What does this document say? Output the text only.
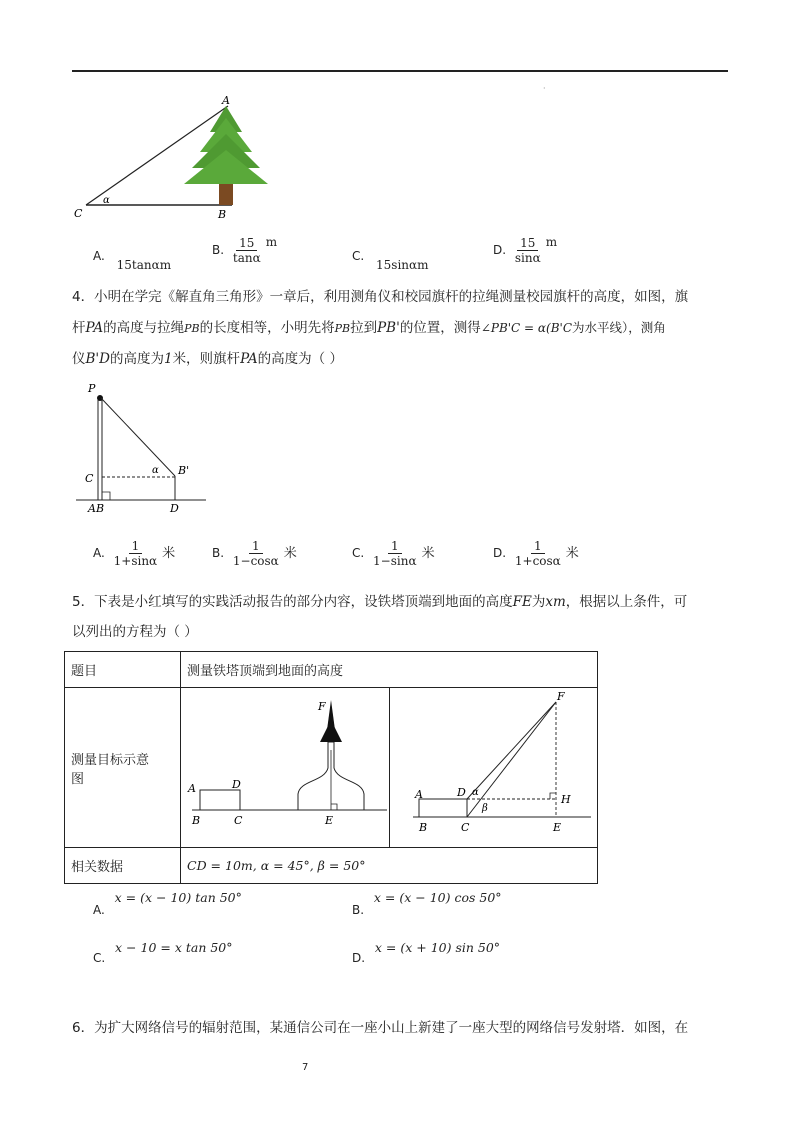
·
A
C	B
α
A. 15tanαm
B. $\frac{15}{\tan\alpha}$ m
C. 15sinαm
D. $\frac{15}{\sin\alpha}$ m
4．小明在学完《解直角三角形》一章后，利用测角仪和校园旗杆的拉绳测量校园旗杆的高度，如图，旗
杆PA的高度与拉绳PB的长度相等，小明先将PB拉到PB'的位置，测得∠PB'C = α(B'C为水平线），测角
仪B'D的高度为1米，则旗杆PA的高度为（ ）
P
C
α B'
AB	D
A. $\frac{1}{1+\sin\alpha}$ 米	B. $\frac{1}{1-\cos\alpha}$ 米	C. $\frac{1}{1-\sin\alpha}$ 米	D. $\frac{1}{1+\cos\alpha}$ 米
5．下表是小红填写的实践活动报告的部分内容，设铁塔顶端到地面的高度FE为xm，根据以上条件，可
以列出的方程为（ ）
题目	测量铁塔顶端到地面的高度	

测量目标示意
图		

相关数据	CD = 10m, α = 45°, β = 50°	
F
A	D
B	C	E
F
A	D α
β
H
B	C	E
A. x = (x − 10) tan 50°
B. x = (x − 10) cos 50°
C. x − 10 = x tan 50°
D. x = (x + 10) sin 50°
6．为扩大网络信号的辐射范围，某通信公司在一座小山上新建了一座大型的网络信号发射塔．如图，在
7
